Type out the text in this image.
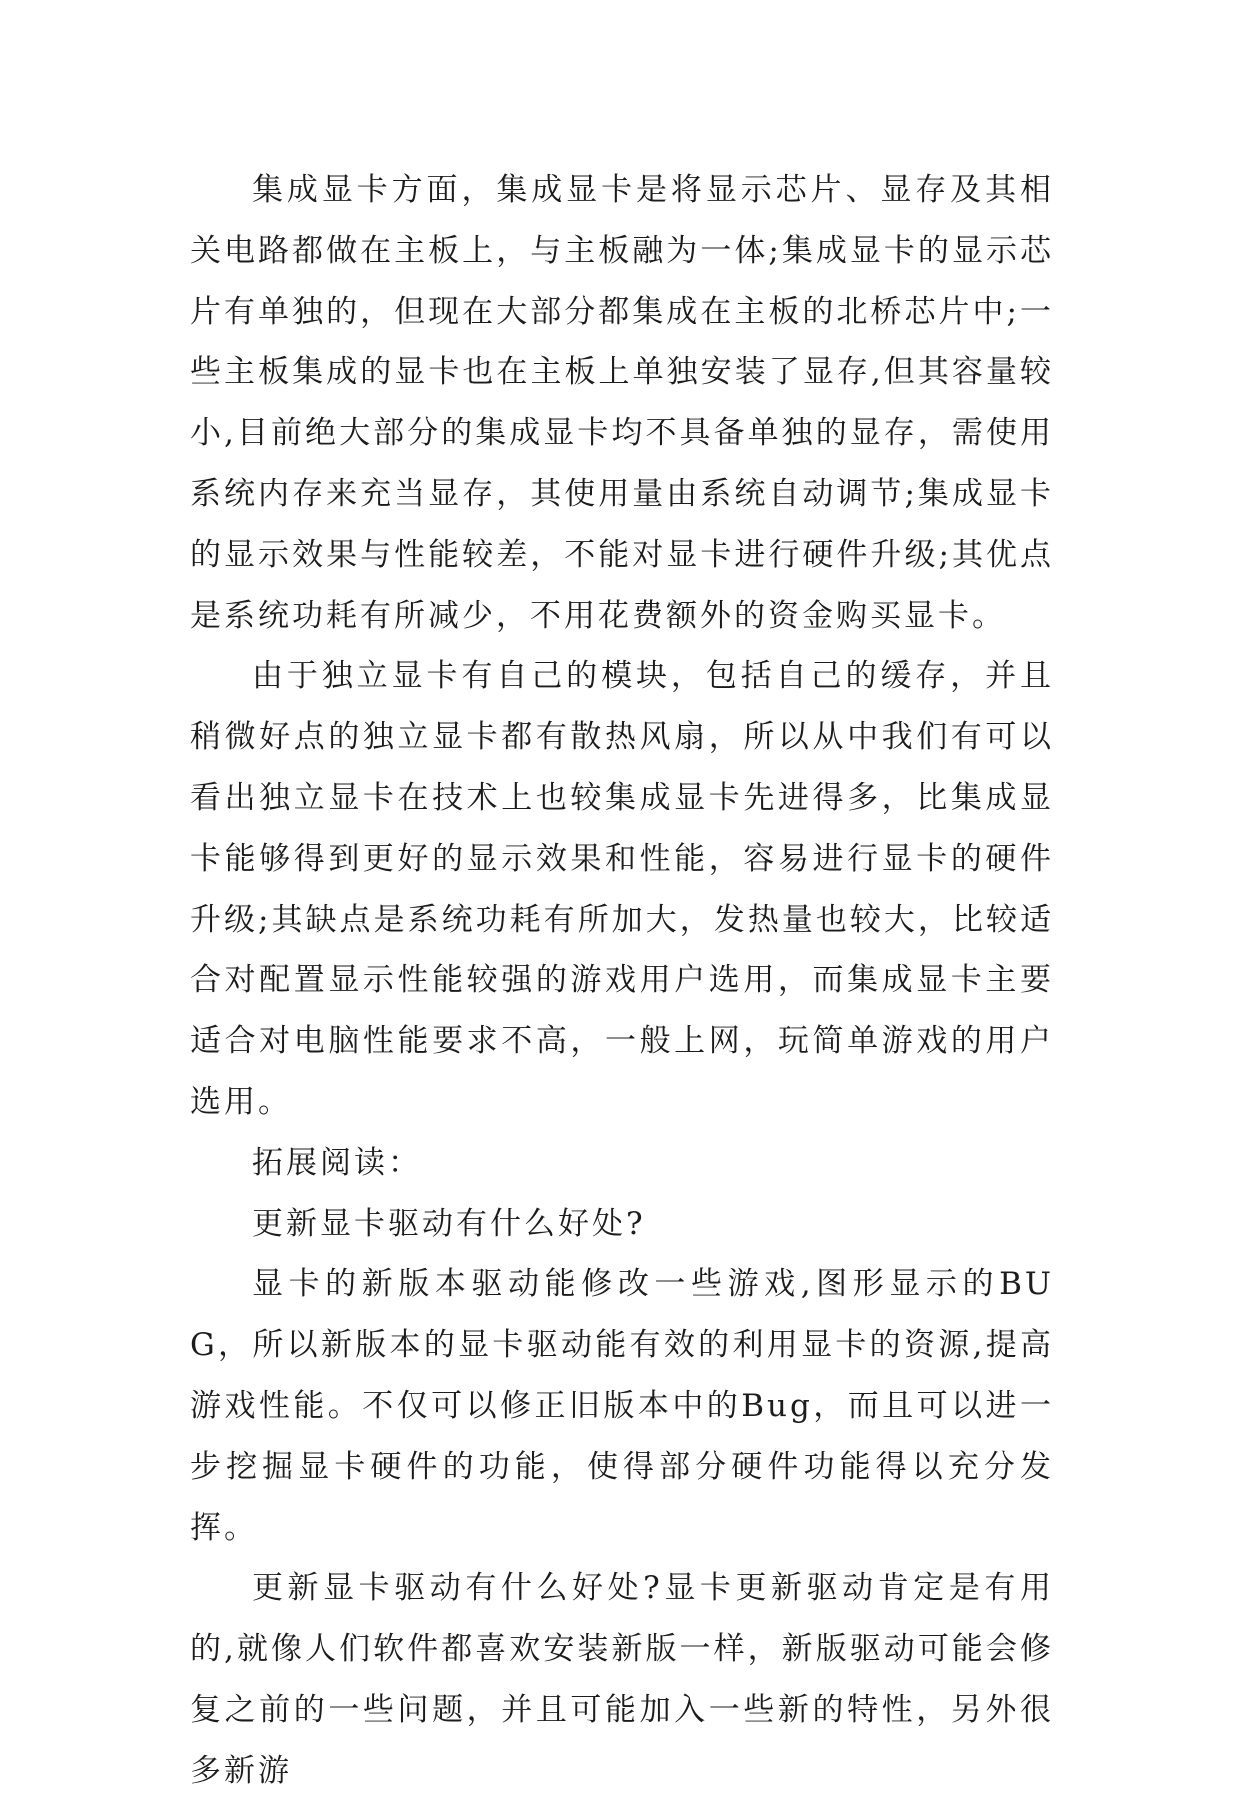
集成显卡方面，集成显卡是将显示芯片、显存及其相关电路都做在主板上，与主板融为一体;集成显卡的显示芯片有单独的，但现在大部分都集成在主板的北桥芯片中;一些主板集成的显卡也在主板上单独安装了显存,但其容量较小,目前绝大部分的集成显卡均不具备单独的显存，需使用系统内存来充当显存，其使用量由系统自动调节;集成显卡的显示效果与性能较差，不能对显卡进行硬件升级;其优点是系统功耗有所减少，不用花费额外的资金购买显卡。

由于独立显卡有自己的模块，包括自己的缓存，并且稍微好点的独立显卡都有散热风扇，所以从中我们有可以看出独立显卡在技术上也较集成显卡先进得多，比集成显卡能够得到更好的显示效果和性能，容易进行显卡的硬件升级;其缺点是系统功耗有所加大，发热量也较大，比较适合对配置显示性能较强的游戏用户选用，而集成显卡主要适合对电脑性能要求不高，一般上网，玩简单游戏的用户选用。

拓展阅读：

更新显卡驱动有什么好处?

显卡的新版本驱动能修改一些游戏,图形显示的BUG，所以新版本的显卡驱动能有效的利用显卡的资源,提高游戏性能。不仅可以修正旧版本中的Bug，而且可以进一步挖掘显卡硬件的功能，使得部分硬件功能得以充分发挥。

更新显卡驱动有什么好处?显卡更新驱动肯定是有用的,就像人们软件都喜欢安装新版一样，新版驱动可能会修复之前的一些问题，并且可能加入一些新的特性，另外很多新游
